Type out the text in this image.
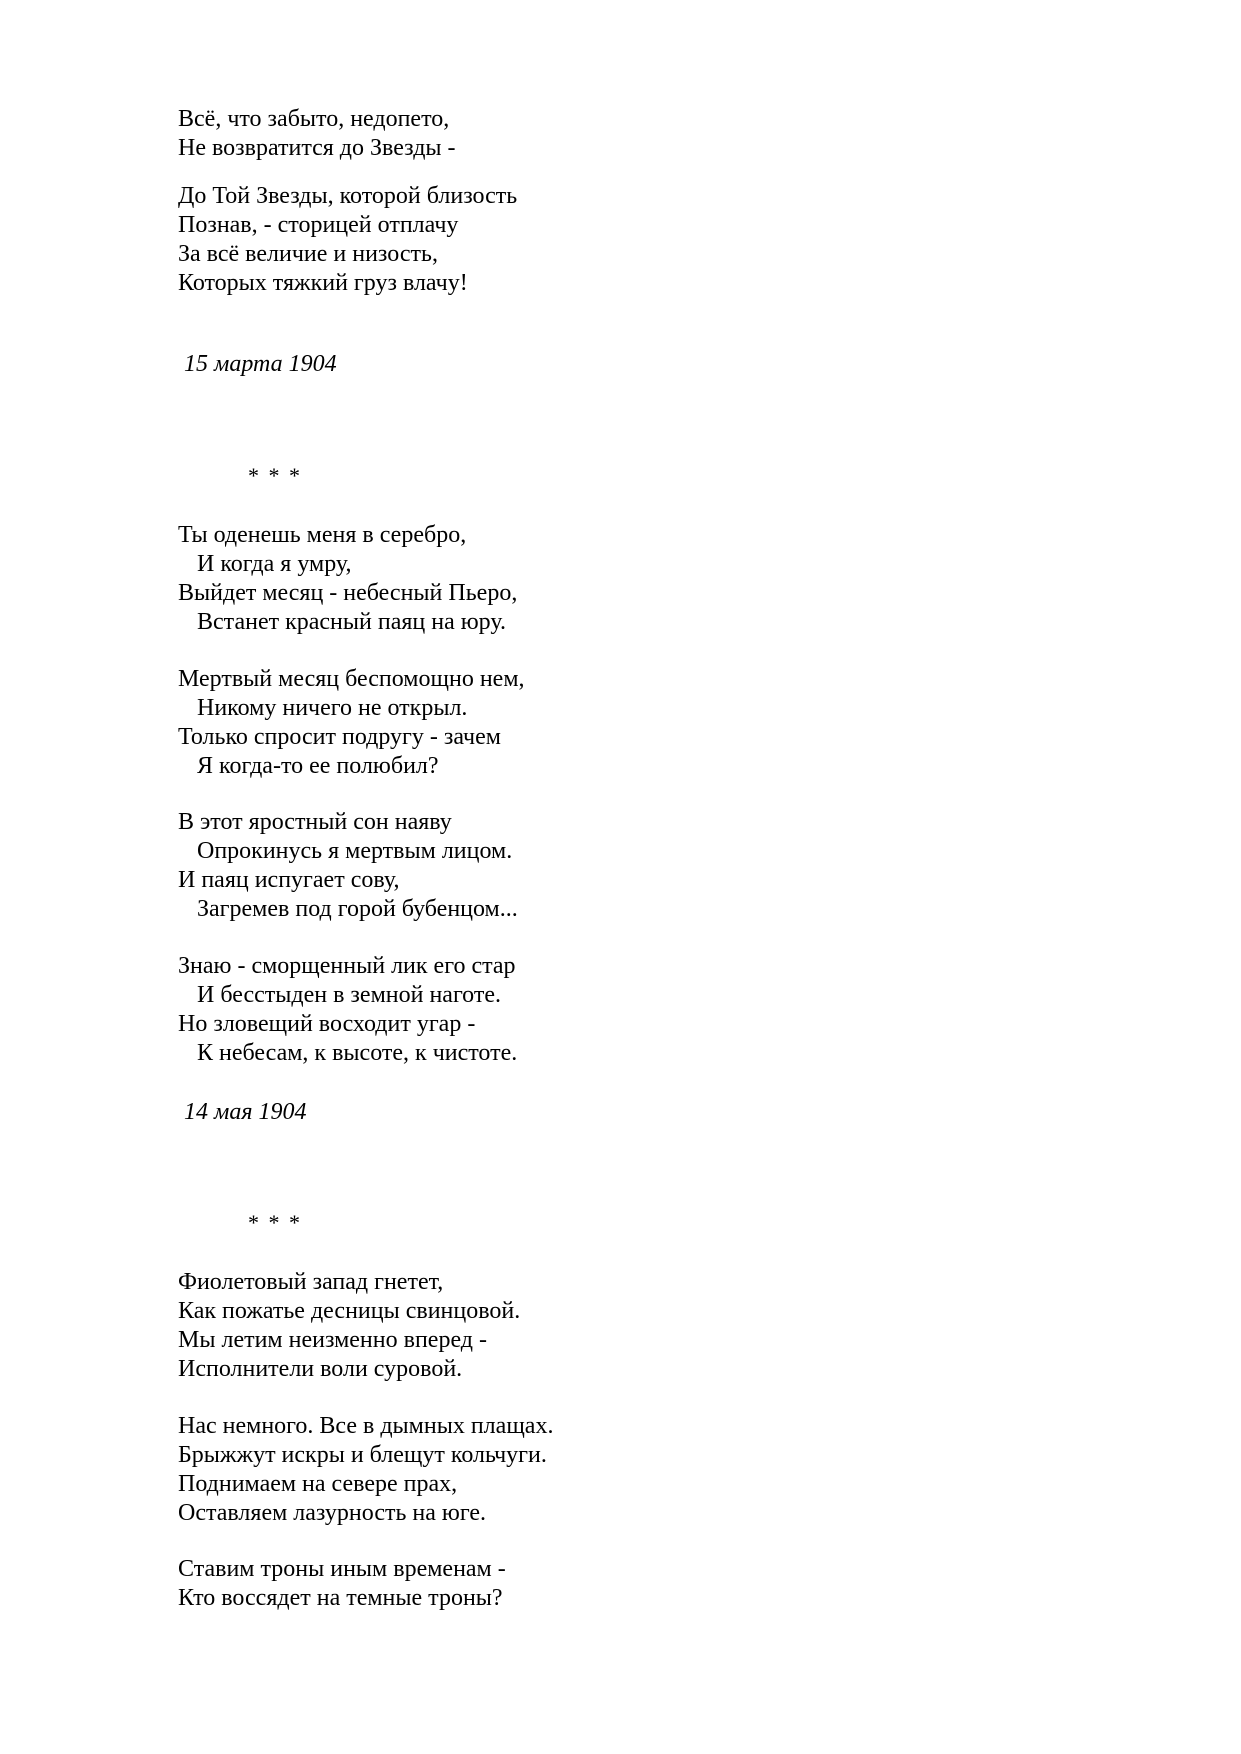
Всё, что забыто, недопето,
Не возвратится до Звезды -
До Той Звезды, которой близость
Познав, - сторицей отплачу
За всё величие и низость,
Которых тяжкий груз влачу!
15 марта 1904
* * *
Ты оденешь меня в серебро,
И когда я умру,
Выйдет месяц - небесный Пьеро,
Встанет красный паяц на юру.
Мертвый месяц беспомощно нем,
Никому ничего не открыл.
Только спросит подругу - зачем
Я когда-то ее полюбил?
В этот яростный сон наяву
Опрокинусь я мертвым лицом.
И паяц испугает сову,
Загремев под горой бубенцом...
Знаю - сморщенный лик его стар
И бесстыден в земной наготе.
Но зловещий восходит угар -
К небесам, к высоте, к чистоте.
14 мая 1904
* * *
Фиолетовый запад гнетет,
Как пожатье десницы свинцовой.
Мы летим неизменно вперед -
Исполнители воли суровой.
Нас немного. Все в дымных плащах.
Брыжжут искры и блещут кольчуги.
Поднимаем на севере прах,
Оставляем лазурность на юге.
Ставим троны иным временам -
Кто воссядет на темные троны?
